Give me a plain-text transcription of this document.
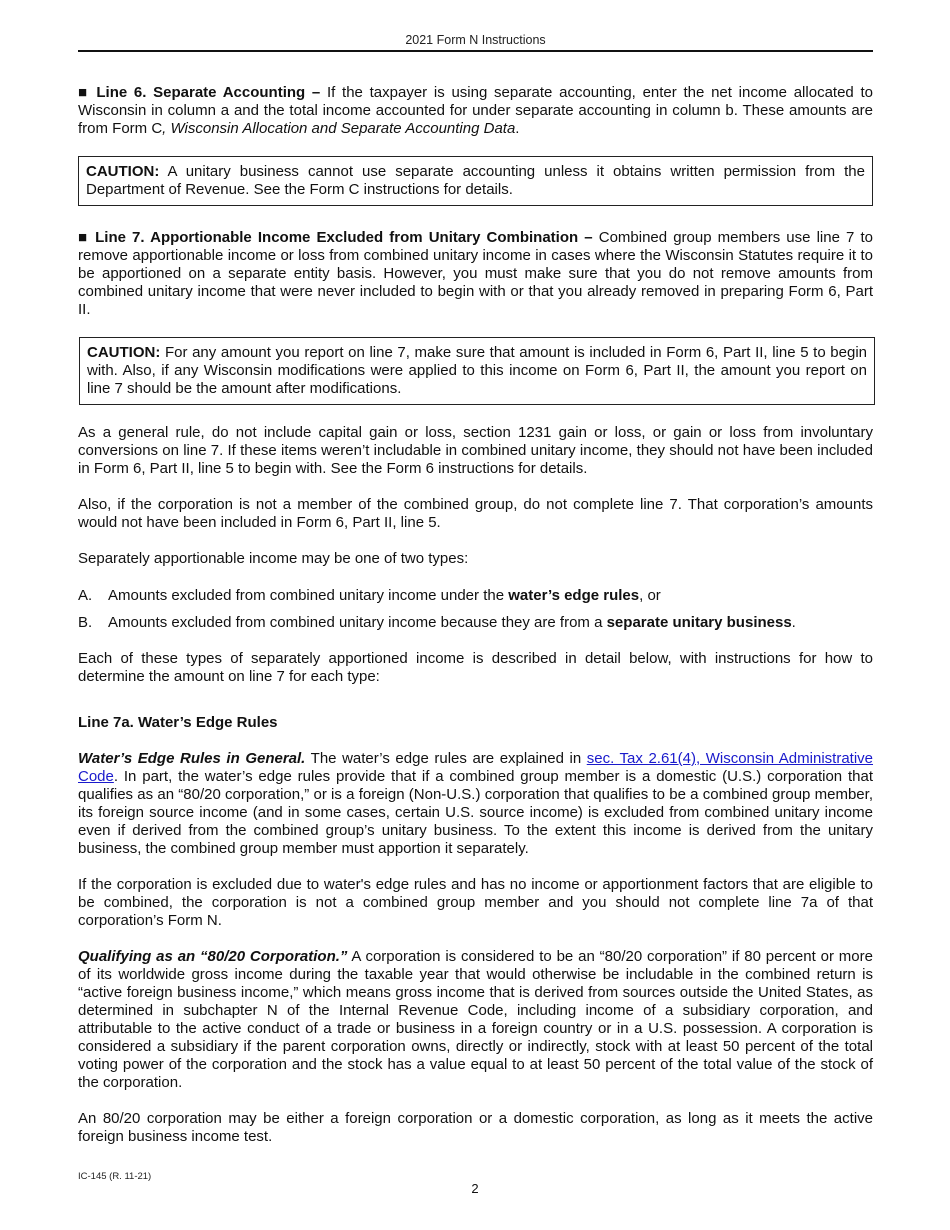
2021 Form N Instructions
■ Line 6. Separate Accounting – If the taxpayer is using separate accounting, enter the net income allocated to Wisconsin in column a and the total income accounted for under separate accounting in column b. These amounts are from Form C, Wisconsin Allocation and Separate Accounting Data.
CAUTION: A unitary business cannot use separate accounting unless it obtains written permission from the Department of Revenue. See the Form C instructions for details.
■ Line 7. Apportionable Income Excluded from Unitary Combination – Combined group members use line 7 to remove apportionable income or loss from combined unitary income in cases where the Wisconsin Statutes require it to be apportioned on a separate entity basis. However, you must make sure that you do not remove amounts from combined unitary income that were never included to begin with or that you already removed in preparing Form 6, Part II.
CAUTION: For any amount you report on line 7, make sure that amount is included in Form 6, Part II, line 5 to begin with. Also, if any Wisconsin modifications were applied to this income on Form 6, Part II, the amount you report on line 7 should be the amount after modifications.
As a general rule, do not include capital gain or loss, section 1231 gain or loss, or gain or loss from involuntary conversions on line 7. If these items weren’t includable in combined unitary income, they should not have been included in Form 6, Part II, line 5 to begin with. See the Form 6 instructions for details.
Also, if the corporation is not a member of the combined group, do not complete line 7. That corporation’s amounts would not have been included in Form 6, Part II, line 5.
Separately apportionable income may be one of two types:
A. Amounts excluded from combined unitary income under the water’s edge rules, or
B. Amounts excluded from combined unitary income because they are from a separate unitary business.
Each of these types of separately apportioned income is described in detail below, with instructions for how to determine the amount on line 7 for each type:
Line 7a. Water’s Edge Rules
Water’s Edge Rules in General. The water’s edge rules are explained in sec. Tax 2.61(4), Wisconsin Administrative Code. In part, the water’s edge rules provide that if a combined group member is a domestic (U.S.) corporation that qualifies as an “80/20 corporation,” or is a foreign (Non-U.S.) corporation that qualifies to be a combined group member, its foreign source income (and in some cases, certain U.S. source income) is excluded from combined unitary income even if derived from the combined group’s unitary business. To the extent this income is derived from the unitary business, the combined group member must apportion it separately.
If the corporation is excluded due to water's edge rules and has no income or apportionment factors that are eligible to be combined, the corporation is not a combined group member and you should not complete line 7a of that corporation’s Form N.
Qualifying as an “80/20 Corporation.” A corporation is considered to be an “80/20 corporation” if 80 percent or more of its worldwide gross income during the taxable year that would otherwise be includable in the combined return is “active foreign business income,” which means gross income that is derived from sources outside the United States, as determined in subchapter N of the Internal Revenue Code, including income of a subsidiary corporation, and attributable to the active conduct of a trade or business in a foreign country or in a U.S. possession. A corporation is considered a subsidiary if the parent corporation owns, directly or indirectly, stock with at least 50 percent of the total voting power of the corporation and the stock has a value equal to at least 50 percent of the total value of the stock of the corporation.
An 80/20 corporation may be either a foreign corporation or a domestic corporation, as long as it meets the active foreign business income test.
IC-145 (R. 11-21)
2
